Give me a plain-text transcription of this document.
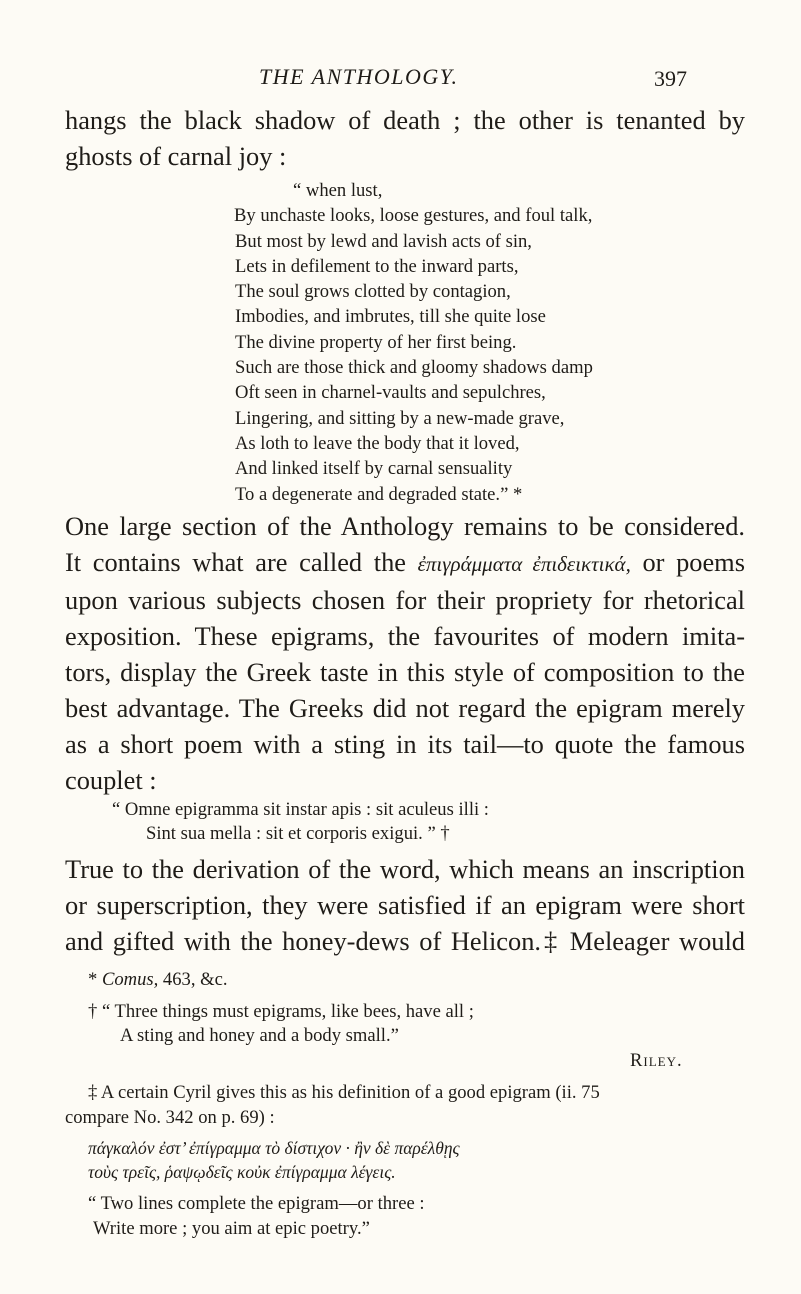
THE ANTHOLOGY.	397
hangs the black shadow of death ; the other is tenanted by
ghosts of carnal joy :
“ when lust,
By unchaste looks, loose gestures, and foul talk,
But most by lewd and lavish acts of sin,
Lets in defilement to the inward parts,
The soul grows clotted by contagion,
Imbodies, and imbrutes, till she quite lose
The divine property of her first being.
Such are those thick and gloomy shadows damp
Oft seen in charnel-vaults and sepulchres,
Lingering, and sitting by a new-made grave,
As loth to leave the body that it loved,
And linked itself by carnal sensuality
To a degenerate and degraded state.” *
One large section of the Anthology remains to be considered.
It contains what are called the ἐπιγράμματα ἐπιδεικτικά, or poems
upon various subjects chosen for their propriety for rhetorical
exposition. These epigrams, the favourites of modern imita-
tors, display the Greek taste in this style of composition to the
best advantage. The Greeks did not regard the epigram merely
as a short poem with a sting in its tail—to quote the famous
couplet :
“ Omne epigramma sit instar apis : sit aculeus illi :
Sint sua mella : sit et corporis exigui. ” †
True to the derivation of the word, which means an inscription
or superscription, they were satisfied if an epigram were short
and gifted with the honey-dews of Helicon.‡ Meleager would
* Comus, 463, &c.
† “ Three things must epigrams, like bees, have all ;
A sting and honey and a body small.”
Riley.
‡ A certain Cyril gives this as his definition of a good epigram (ii. 75
compare No. 342 on p. 69) :
πάγκαλόν ἐστ’ ἐπίγραμμα τὸ δίστιχον · ἢν δὲ παρέλθῃς
τοὺς τρεῖς, ῥαψῳδεῖς κοὐκ ἐπίγραμμα λέγεις.
“ Two lines complete the epigram—or three :
Write more ; you aim at epic poetry.”
